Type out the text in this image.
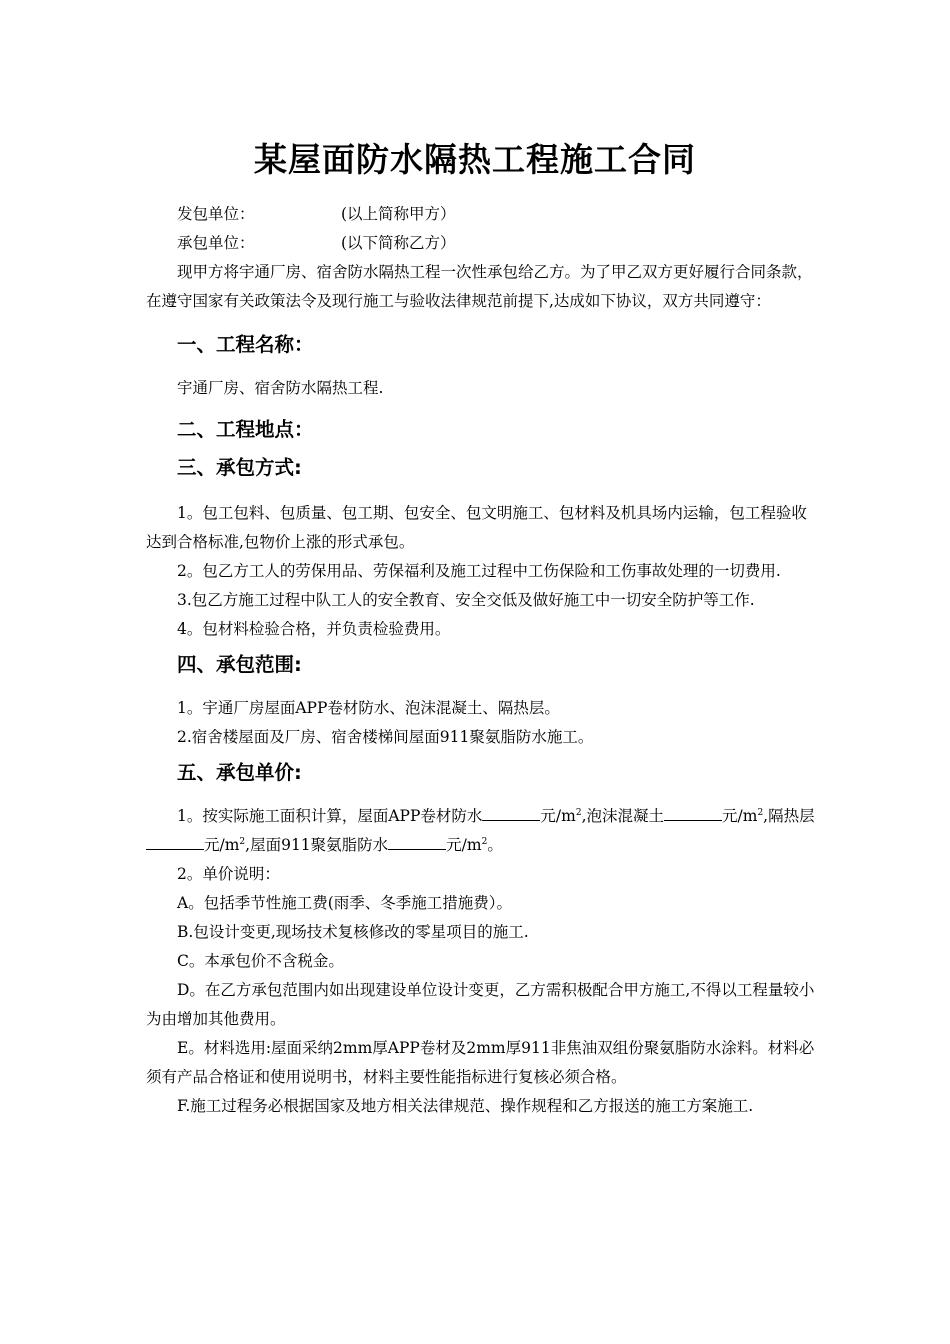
某屋面防水隔热工程施工合同
发包单位：	(以上简称甲方）
承包单位：	(以下简称乙方）

现甲方将宇通厂房、宿舍防水隔热工程一次性承包给乙方。为了甲乙双方更好履行合同条款，在遵守国家有关政策法令及现行施工与验收法律规范前提下,达成如下协议，双方共同遵守：

一、工程名称：

宇通厂房、宿舍防水隔热工程.

二、工程地点：

三、承包方式:

1。包工包料、包质量、包工期、包安全、包文明施工、包材料及机具场内运输，包工程验收达到合格标准,包物价上涨的形式承包。

2。包乙方工人的劳保用品、劳保福利及施工过程中工伤保险和工伤事故处理的一切费用.

3.包乙方施工过程中队工人的安全教育、安全交低及做好施工中一切安全防护等工作.

4。包材料检验合格，并负责检验费用。

四、承包范围:

1。宇通厂房屋面APP卷材防水、泡沫混凝土、隔热层。

2.宿舍楼屋面及厂房、宿舍楼梯间屋面911聚氨脂防水施工。

五、承包单价:

1。按实际施工面积计算，屋面APP卷材防水	元$/m^2$,泡沫混凝土	元$/m^2$,隔热层元$/m^2$,屋面911聚氨脂防水	元$/m^2$。

2。单价说明：

A。包括季节性施工费(雨季、冬季施工措施费）。

B.包设计变更,现场技术复核修改的零星项目的施工.

C。本承包价不含税金。

D。在乙方承包范围内如出现建设单位设计变更，乙方需积极配合甲方施工,不得以工程量较小为由增加其他费用。

E。材料选用:屋面采纳2mm厚APP卷材及2mm厚911非焦油双组份聚氨脂防水涂料。材料必须有产品合格证和使用说明书，材料主要性能指标进行复核必须合格。

F.施工过程务必根据国家及地方相关法律规范、操作规程和乙方报送的施工方案施工.
